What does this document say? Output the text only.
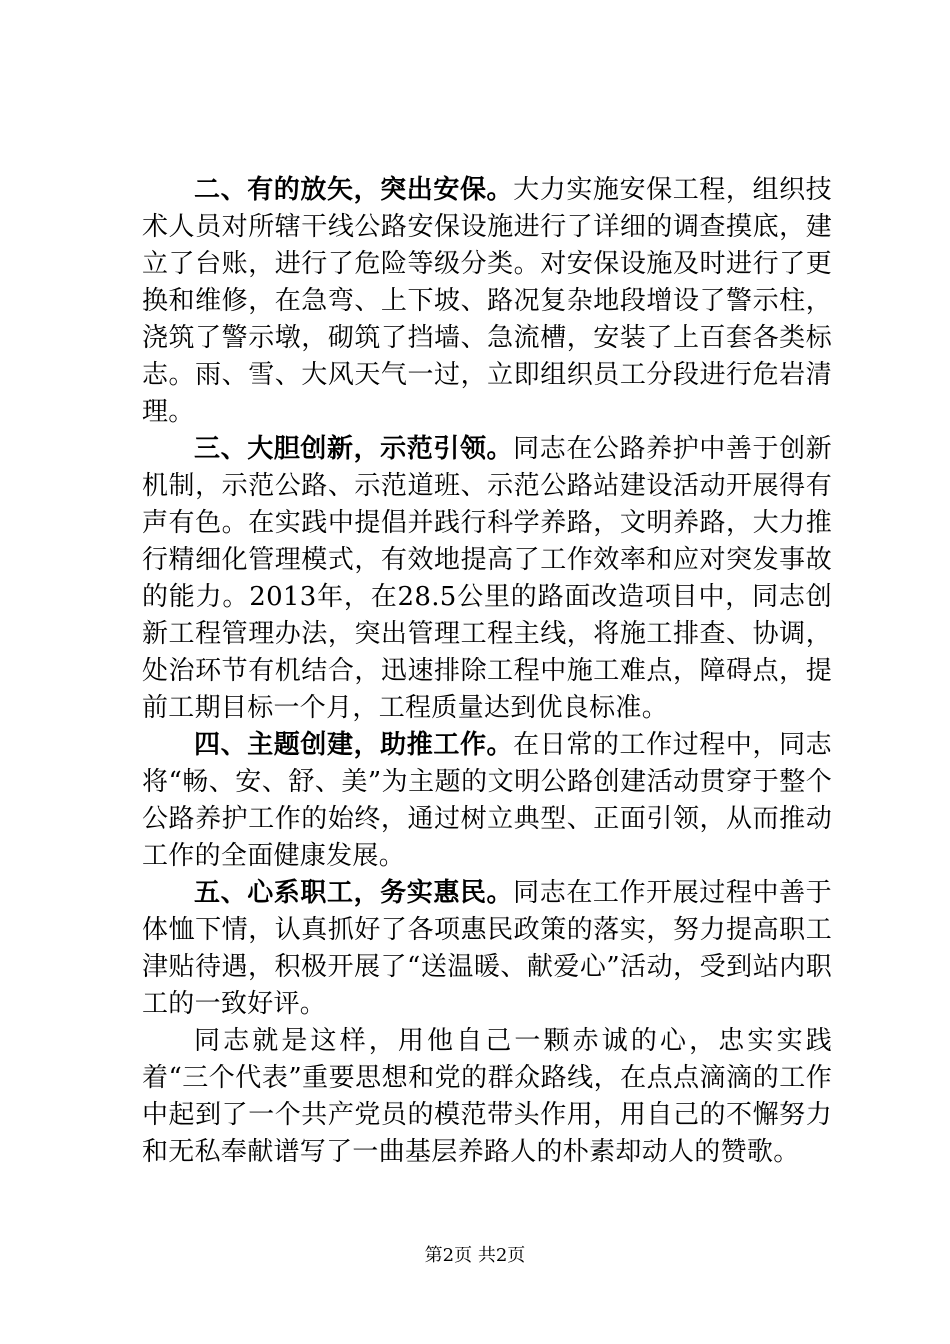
二、有的放矢，突出安保。大力实施安保工程，组织技术人员对所辖干线公路安保设施进行了详细的调查摸底，建立了台账，进行了危险等级分类。对安保设施及时进行了更换和维修，在急弯、上下坡、路况复杂地段增设了警示柱，浇筑了警示墩，砌筑了挡墙、急流槽，安装了上百套各类标志。雨、雪、大风天气一过，立即组织员工分段进行危岩清理。

三、大胆创新，示范引领。同志在公路养护中善于创新机制，示范公路、示范道班、示范公路站建设活动开展得有声有色。在实践中提倡并践行科学养路，文明养路，大力推行精细化管理模式，有效地提高了工作效率和应对突发事故的能力。2013年，在28.5公里的路面改造项目中，同志创新工程管理办法，突出管理工程主线，将施工排查、协调，处治环节有机结合，迅速排除工程中施工难点，障碍点，提前工期目标一个月，工程质量达到优良标准。

四、主题创建，助推工作。在日常的工作过程中，同志将“畅、安、舒、美”为主题的文明公路创建活动贯穿于整个公路养护工作的始终，通过树立典型、正面引领，从而推动工作的全面健康发展。

五、心系职工，务实惠民。同志在工作开展过程中善于体恤下情，认真抓好了各项惠民政策的落实，努力提高职工津贴待遇，积极开展了“送温暖、献爱心”活动，受到站内职工的一致好评。

同志就是这样，用他自己一颗赤诚的心，忠实实践着“三个代表”重要思想和党的群众路线，在点点滴滴的工作中起到了一个共产党员的模范带头作用，用自己的不懈努力和无私奉献谱写了一曲基层养路人的朴素却动人的赞歌。

第2页 共2页
